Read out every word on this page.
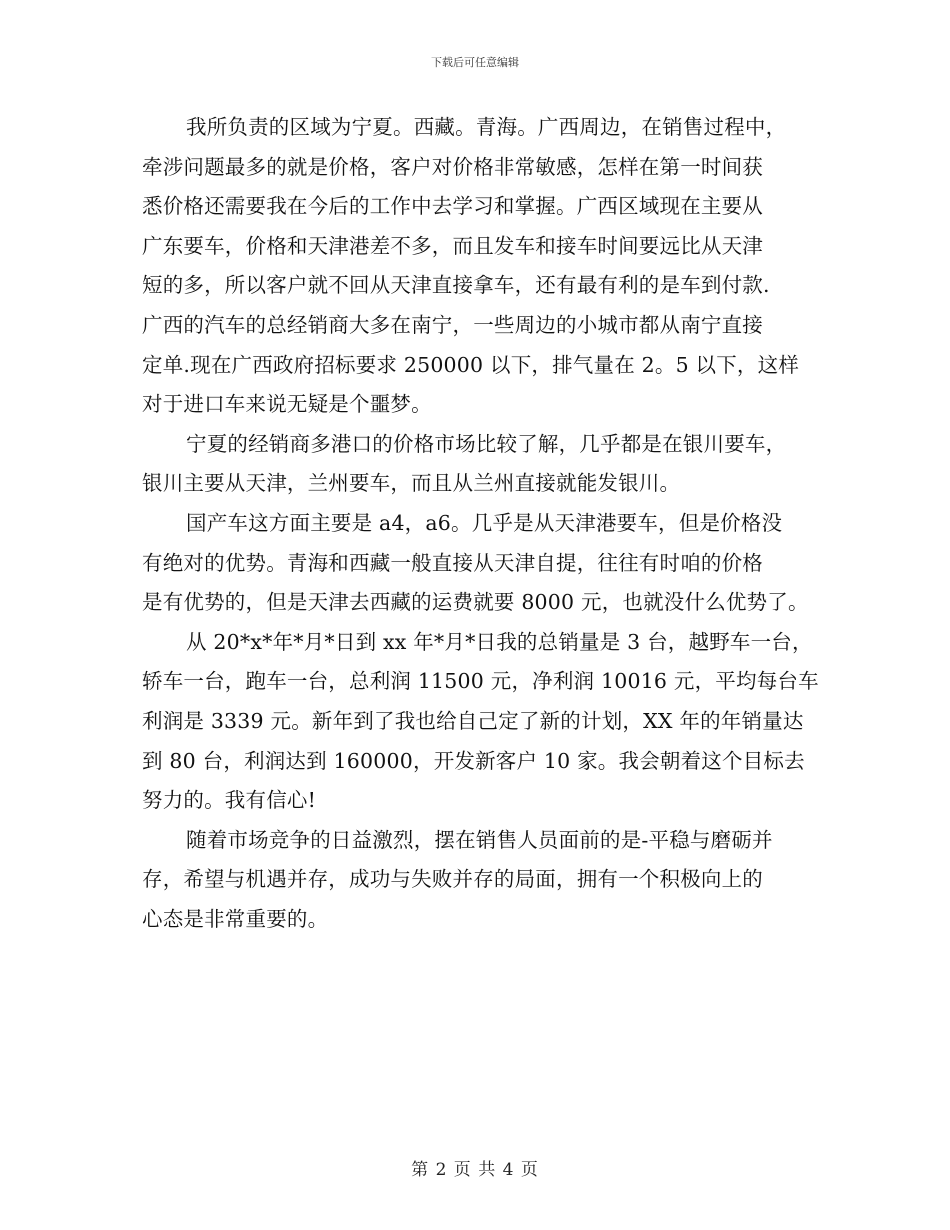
下载后可任意编辑
我所负责的区域为宁夏。西藏。青海。广西周边，在销售过程中，
牵涉问题最多的就是价格，客户对价格非常敏感，怎样在第一时间获
悉价格还需要我在今后的工作中去学习和掌握。广西区域现在主要从
广东要车，价格和天津港差不多，而且发车和接车时间要远比从天津
短的多，所以客户就不回从天津直接拿车，还有最有利的是车到付款.
广西的汽车的总经销商大多在南宁，一些周边的小城市都从南宁直接
定单.现在广西政府招标要求 250000 以下，排气量在 2。5 以下，这样
对于进口车来说无疑是个噩梦。
宁夏的经销商多港口的价格市场比较了解，几乎都是在银川要车，
银川主要从天津，兰州要车，而且从兰州直接就能发银川。
国产车这方面主要是 a4，a6。几乎是从天津港要车，但是价格没
有绝对的优势。青海和西藏一般直接从天津自提，往往有时咱的价格
是有优势的，但是天津去西藏的运费就要 8000 元，也就没什么优势了。
从 20*x*年*月*日到 xx 年*月*日我的总销量是 3 台，越野车一台，
轿车一台，跑车一台，总利润 11500 元，净利润 10016 元，平均每台车
利润是 3339 元。新年到了我也给自己定了新的计划，XX 年的年销量达
到 80 台，利润达到 160000，开发新客户 10 家。我会朝着这个目标去
努力的。我有信心!
随着市场竞争的日益激烈，摆在销售人员面前的是-平稳与磨砺并
存，希望与机遇并存，成功与失败并存的局面，拥有一个积极向上的
心态是非常重要的。
第 2 页 共 4 页
